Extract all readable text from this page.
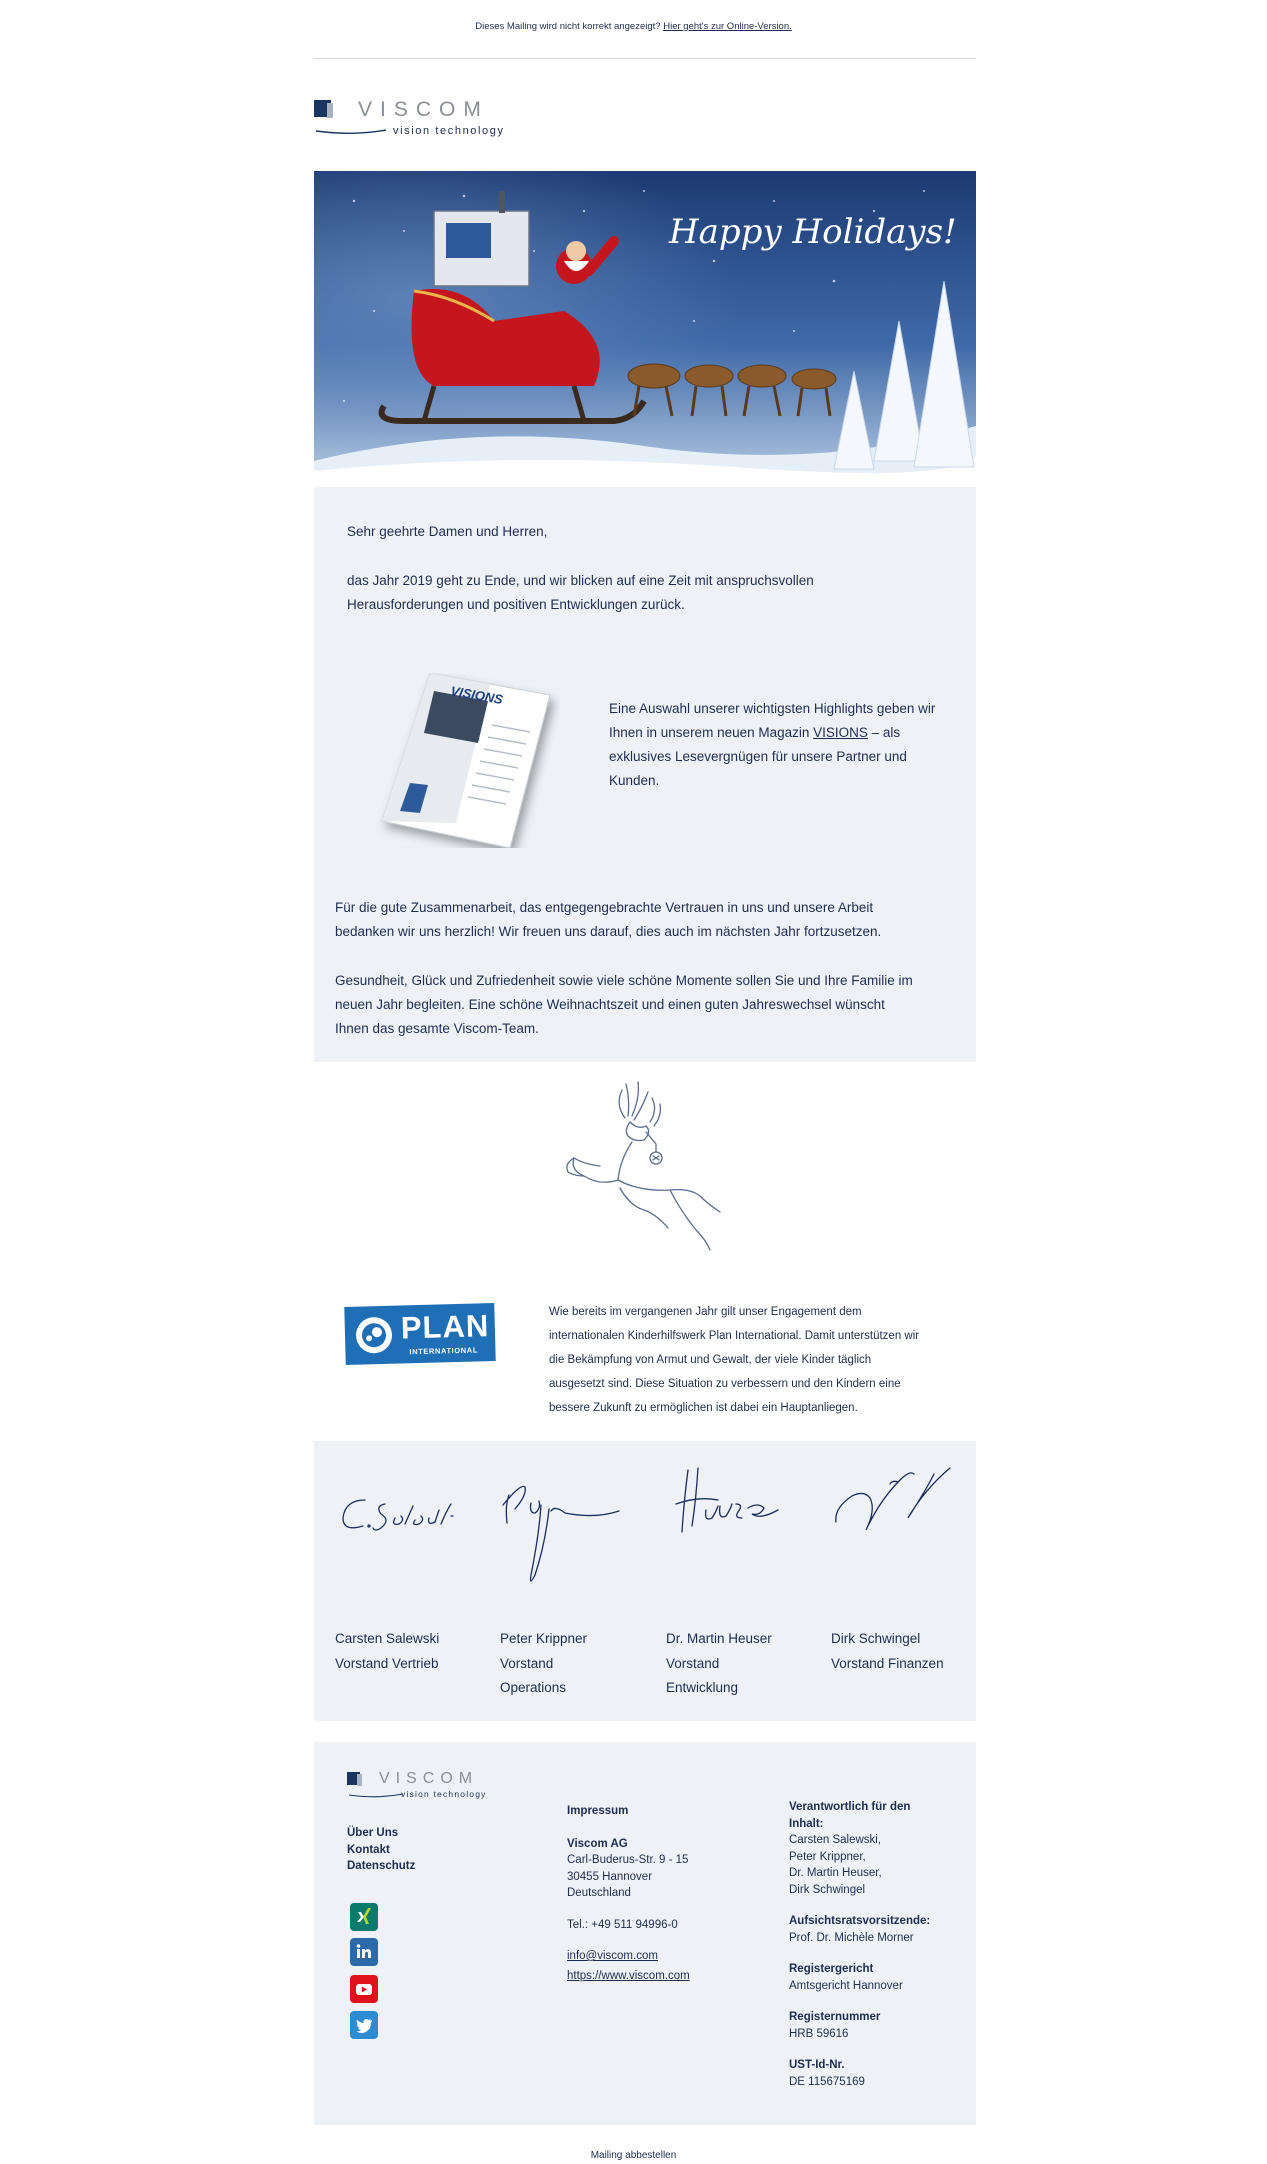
Dieses Mailing wird nicht korrekt angezeigt? Hier geht's zur Online-Version.
VISCOM
vision technology
Happy Holidays!

Sehr geehrte Damen und Herren,

das Jahr 2019 geht zu Ende, und wir blicken auf eine Zeit mit anspruchsvollen

Herausforderungen und positiven Entwicklungen zurück.

VISIONS

Eine Auswahl unserer wichtigsten Highlights geben wir

Ihnen in unserem neuen Magazin VISIONS – als

exklusives Lesevergnügen für unsere Partner und

Kunden.

Für die gute Zusammenarbeit, das entgegengebrachte Vertrauen in uns und unsere Arbeit

bedanken wir uns herzlich! Wir freuen uns darauf, dies auch im nächsten Jahr fortzusetzen.

Gesundheit, Glück und Zufriedenheit sowie viele schöne Momente sollen Sie und Ihre Familie im

neuen Jahr begleiten. Eine schöne Weihnachtszeit und einen guten Jahreswechsel wünscht

Ihnen das gesamte Viscom-Team.

PLAN
INTERNATIONAL
Wie bereits im vergangenen Jahr gilt unser Engagement dem
internationalen Kinderhilfswerk Plan International. Damit unterstützen wir
die Bekämpfung von Armut und Gewalt, der viele Kinder täglich
ausgesetzt sind. Diese Situation zu verbessern und den Kindern eine
bessere Zukunft zu ermöglichen ist dabei ein Hauptanliegen.
Carsten Salewski
Vorstand Vertrieb
Peter Krippner
Vorstand
Operations
Dr. Martin Heuser
Vorstand
Entwicklung
Dirk Schwingel
Vorstand Finanzen
VISCOM
vision technology
Über Uns
Kontakt
Datenschutz
Impressum
Viscom AG
Carl-Buderus-Str. 9 - 15
30455 Hannover
Deutschland
Tel.: +49 511 94996-0
info@viscom.com
https://www.viscom.com
Verantwortlich für den
Inhalt:
Carsten Salewski,
Peter Krippner,
Dr. Martin Heuser,
Dirk Schwingel
Aufsichtsratsvorsitzende:
Prof. Dr. Michèle Morner
Registergericht
Amtsgericht Hannover
Registernummer
HRB 59616
UST-Id-Nr.
DE 115675169
Mailing abbestellen
